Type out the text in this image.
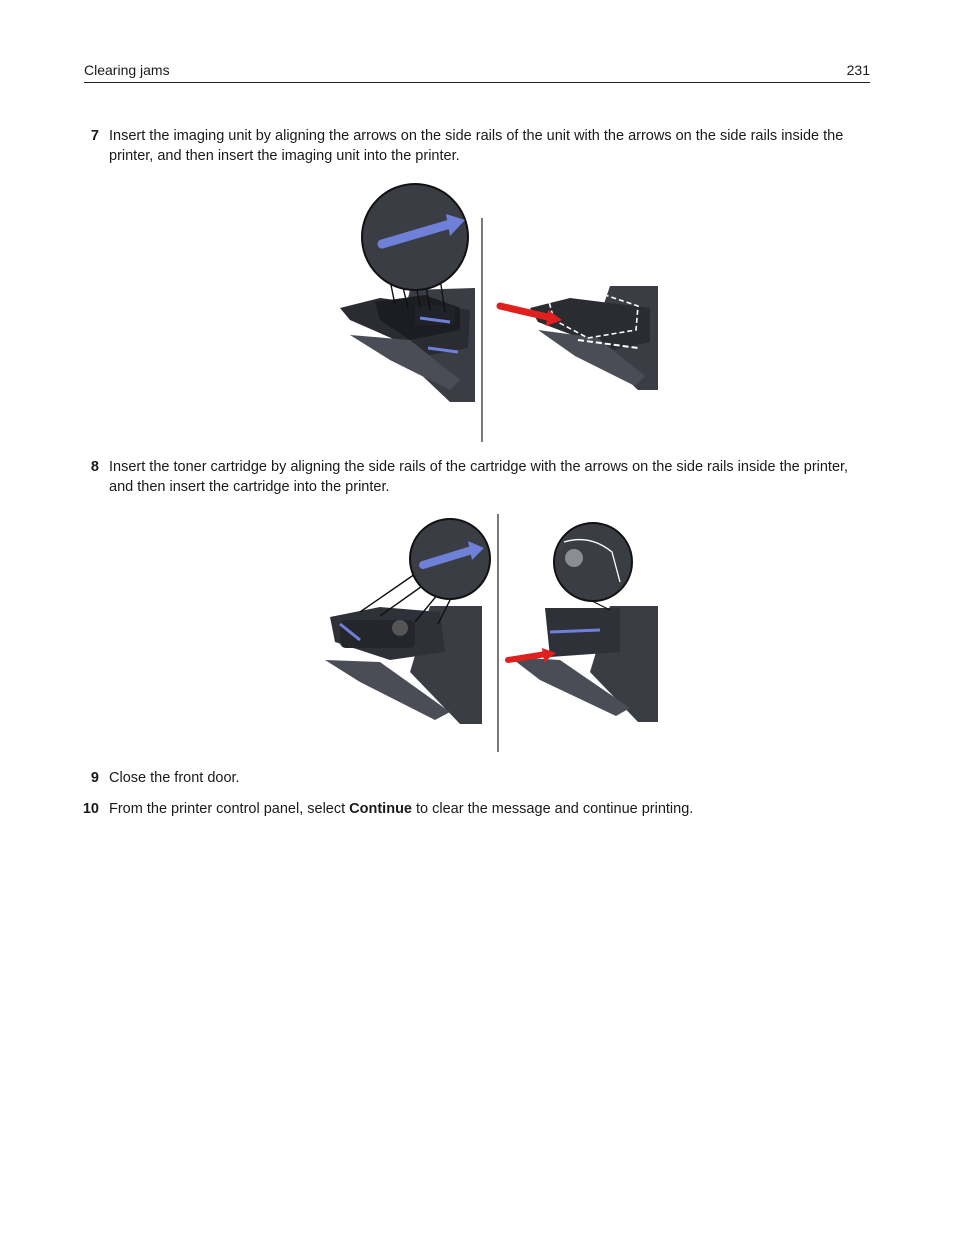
Clearing jams	231
7 Insert the imaging unit by aligning the arrows on the side rails of the unit with the arrows on the side rails inside the printer, and then insert the imaging unit into the printer.
8 Insert the toner cartridge by aligning the side rails of the cartridge with the arrows on the side rails inside the printer, and then insert the cartridge into the printer.
9 Close the front door.
10 From the printer control panel, select Continue to clear the message and continue printing.
